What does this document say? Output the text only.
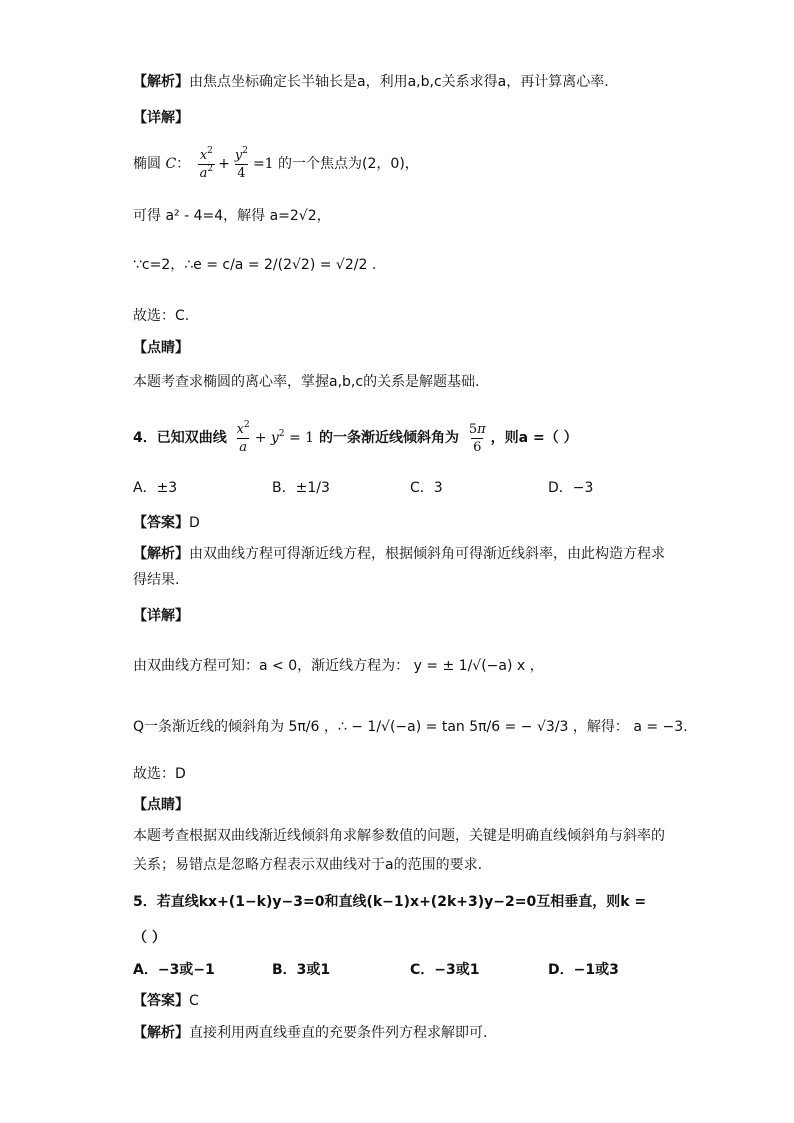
【解析】由焦点坐标确定长半轴长是a，利用a,b,c关系求得a，再计算离心率.
【详解】
椭圆 C： $\frac{x^2}{a^2} + \frac{y^2}{4} =1$ 的一个焦点为(2，0)，
可得 a² - 4=4，解得 a=2√2，
∵c=2，∴e = c/a = 2/(2√2) = √2/2 .
故选：C.
【点睛】
本题考查求椭圆的离心率，掌握a,b,c的关系是解题基础.
4．已知双曲线 $\frac{x^2}{a} + y^2 = 1$ 的一条渐近线倾斜角为 $\frac{5\pi}{6}$ ，则a =（ ）
A．±3	B．±1/3	C．3	D．−3
【答案】D
【解析】由双曲线方程可得渐近线方程，根据倾斜角可得渐近线斜率，由此构造方程求
得结果.
【详解】
由双曲线方程可知：a < 0，渐近线方程为： y = ± 1/√(−a) x ，
Q一条渐近线的倾斜角为 5π/6 ，∴ − 1/√(−a) = tan 5π/6 = − √3/3 ，解得： a = −3.
故选：D
【点睛】
本题考查根据双曲线渐近线倾斜角求解参数值的问题，关键是明确直线倾斜角与斜率的
关系；易错点是忽略方程表示双曲线对于a的范围的要求.
5．若直线kx+(1−k)y−3=0和直线(k−1)x+(2k+3)y−2=0互相垂直，则k =
（ ）
A．−3或−1	B．3或1	C．−3或1	D．−1或3
【答案】C
【解析】直接利用两直线垂直的充要条件列方程求解即可.
